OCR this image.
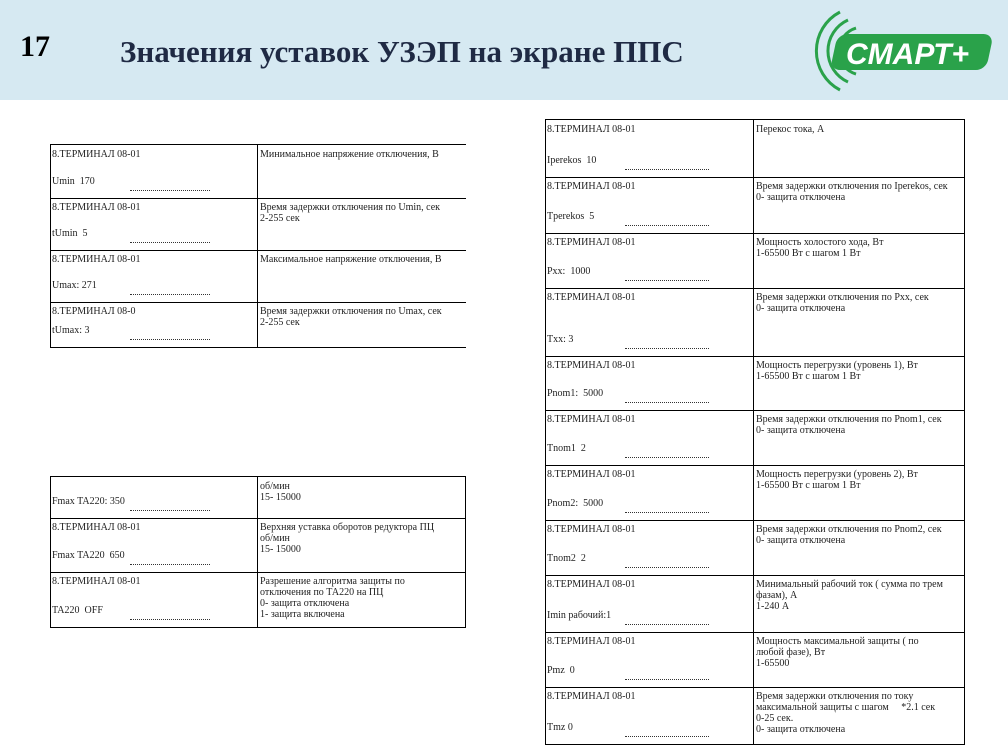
17 Значения уставок УЗЭП на экране ППС	СМАРТ+
8.ТЕРМИНАЛ 08-01
Umin  170
Минимальное напряжение отключения, В
8.ТЕРМИНАЛ 08-01
tUmin  5
Время задержки отключения по Umin, сек
2-255 сек
8.ТЕРМИНАЛ 08-01
Umax: 271
Максимальное напряжение отключения, В
8.ТЕРМИНАЛ 08-0
tUmax: 3
Время задержки отключения по Umax, сек
2-255 сек
Fmax TA220: 350
об/мин
15- 15000
8.ТЕРМИНАЛ 08-01
Fmax TA220  650
Верхняя уставка оборотов редуктора ПЦ
об/мин
15- 15000
8.ТЕРМИНАЛ 08-01
TA220  OFF
Разрешение алгоритма защиты по
отключения по ТА220 на ПЦ
0- защита отключена
1- защита включена
8.ТЕРМИНАЛ 08-01
Iperekos  10
Перекос тока, А
8.ТЕРМИНАЛ 08-01
Tperekos  5
Время задержки отключения по Iperekos, сек
0- защита отключена
8.ТЕРМИНАЛ 08-01
Pxx:  1000
Мощность холостого хода, Вт
1-65500 Вт с шагом 1 Вт
8.ТЕРМИНАЛ 08-01
Txx: 3
Время задержки отключения по Pxx, сек
0- защита отключена
8.ТЕРМИНАЛ 08-01
Pnom1:  5000
Мощность перегрузки (уровень 1), Вт
1-65500 Вт с шагом 1 Вт
8.ТЕРМИНАЛ 08-01
Tnom1  2
Время задержки отключения по Pnom1, сек
0- защита отключена
8.ТЕРМИНАЛ 08-01
Pnom2:  5000
Мощность перегрузки (уровень 2), Вт
1-65500 Вт с шагом 1 Вт
8.ТЕРМИНАЛ 08-01
Tnom2  2
Время задержки отключения по Pnom2, сек
0- защита отключена
8.ТЕРМИНАЛ 08-01
Imin рабочий:1
Минимальный рабочий ток ( сумма по трем
фазам), А
1-240 А
8.ТЕРМИНАЛ 08-01
Pmz  0
Мощность максимальной защиты ( по
любой фазе), Вт
1-65500
8.ТЕРМИНАЛ 08-01
Tmz 0
Время задержки отключения по току
максимальной защиты с шагом     *2.1 сек
0-25 сек.
0- защита отключена
